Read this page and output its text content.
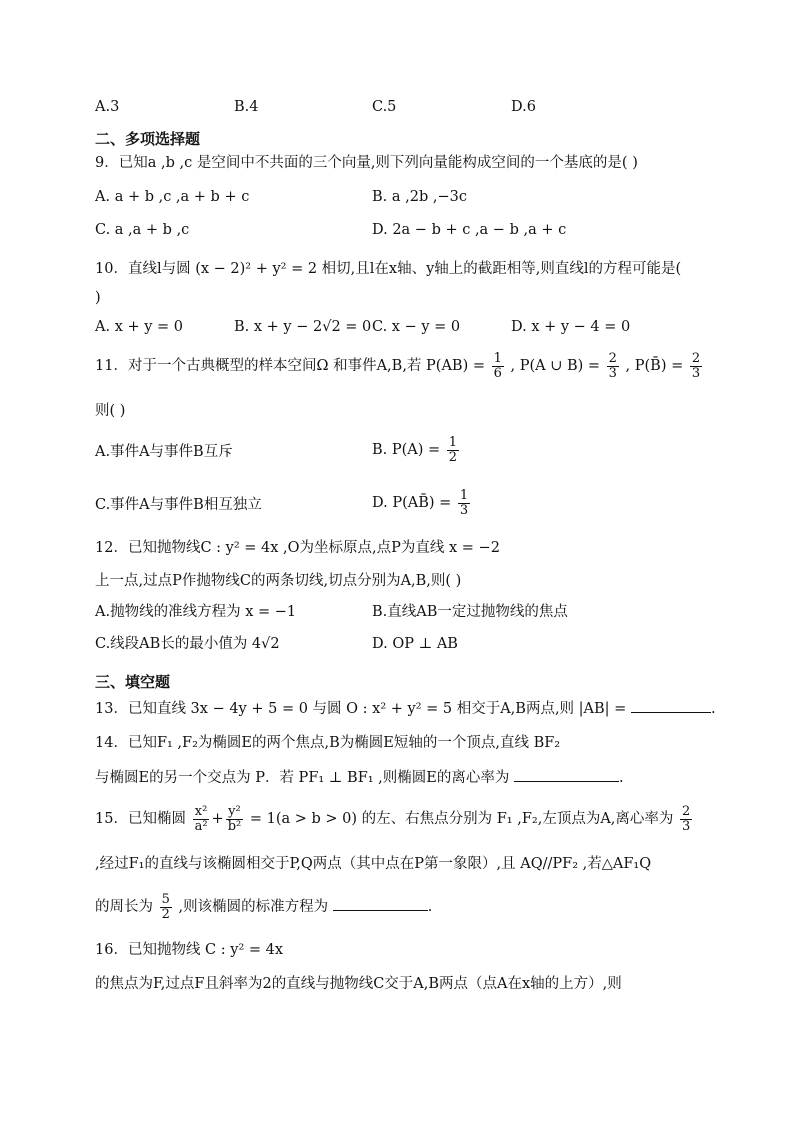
A.3	B.4	C.5	D.6
二、多项选择题
9．已知a ,b ,c 是空间中不共面的三个向量,则下列向量能构成空间的一个基底的是( )
A. a + b ,c ,a + b + c	B. a ,2b ,−3c
C. a ,a + b ,c	D. 2a − b + c ,a − b ,a + c
10．直线l与圆 (x − 2)² + y² = 2 相切,且l在x轴、y轴上的截距相等,则直线l的方程可能是(
)
A. x + y = 0	B. x + y − 2√2 = 0 C. x − y = 0	D. x + y − 4 = 0
11．对于一个古典概型的样本空间Ω 和事件A,B,若 $P(AB) = \frac{1}{6}$ , P(A ∪ $B) = \frac{2}{3}$ , P(B̄) = $\frac{2}{3}$
则( )
A.事件A与事件B互斥	B. $P(A) = \frac{1}{2}$
C.事件A与事件B相互独立	D. P(AB̄) = $\frac{1}{3}$
12．已知抛物线C : y² = 4x ,O为坐标原点,点P为直线 x = −2
上一点,过点P作抛物线C的两条切线,切点分别为A,B,则( )
A.抛物线的准线方程为 x = −1	B.直线AB一定过抛物线的焦点
C.线段AB长的最小值为 4√2	D. OP ⊥ AB
三、填空题
13．已知直线 3x − 4y + 5 = 0 与圆 O : x² + y² = 5 相交于A,B两点,则 |AB| =	.
14．已知F₁ ,F₂为椭圆E的两个焦点,B为椭圆E短轴的一个顶点,直线 BF₂
与椭圆E的另一个交点为 P．若 PF₁ ⊥ BF₁ ,则椭圆E的离心率为	.
15．已知椭圆 $\frac{\text{x²}}{\text{a²}} + \frac{\text{y²}}{\text{b²}} = 1(a > b > 0)$ 的左、右焦点分别为 F₁ ,F₂,左顶点为A,离心率为 $\frac{2}{3}$
,经过F₁的直线与该椭圆相交于P,Q两点（其中点在P第一象限）,且 AQ//PF₂ ,若△AF₁Q
的周长为 $\frac{5}{2}$ ,则该椭圆的标准方程为	.
16．已知抛物线 C : y² = 4x
的焦点为F,过点F且斜率为2的直线与抛物线C交于A,B两点（点A在x轴的上方）,则
